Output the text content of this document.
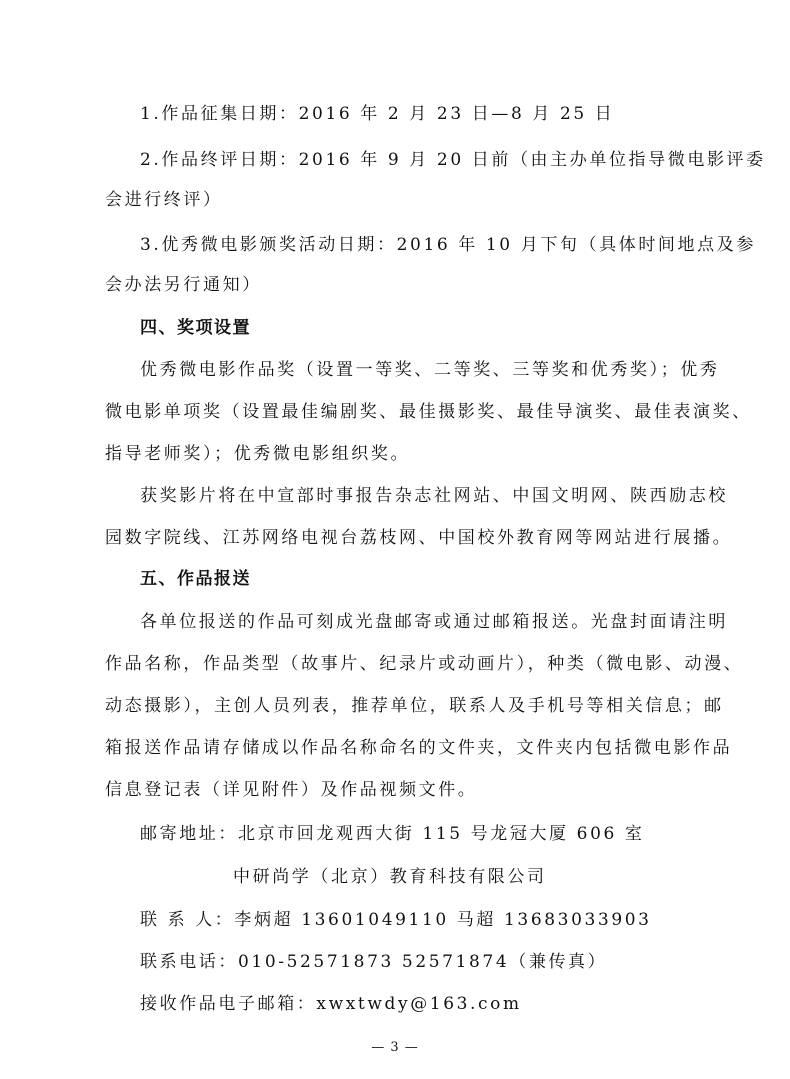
1.作品征集日期：2016 年 2 月 23 日—8 月 25 日
2.作品终评日期：2016 年 9 月 20 日前（由主办单位指导微电影评委
会进行终评）
3.优秀微电影颁奖活动日期：2016 年 10 月下旬（具体时间地点及参
会办法另行通知）
四、奖项设置
优秀微电影作品奖（设置一等奖、二等奖、三等奖和优秀奖）；优秀
微电影单项奖（设置最佳编剧奖、最佳摄影奖、最佳导演奖、最佳表演奖、
指导老师奖）；优秀微电影组织奖。
获奖影片将在中宣部时事报告杂志社网站、中国文明网、陕西励志校
园数字院线、江苏网络电视台荔枝网、中国校外教育网等网站进行展播。
五、作品报送
各单位报送的作品可刻成光盘邮寄或通过邮箱报送。光盘封面请注明
作品名称，作品类型（故事片、纪录片或动画片），种类（微电影、动漫、
动态摄影），主创人员列表，推荐单位，联系人及手机号等相关信息；邮
箱报送作品请存储成以作品名称命名的文件夹，文件夹内包括微电影作品
信息登记表（详见附件）及作品视频文件。
邮寄地址：北京市回龙观西大街 115 号龙冠大厦 606 室
中研尚学（北京）教育科技有限公司
联 系 人：李炳超 13601049110 马超 13683033903
联系电话：010-52571873 52571874（兼传真）
接收作品电子邮箱：xwxtwdy@163.com
— 3 —
